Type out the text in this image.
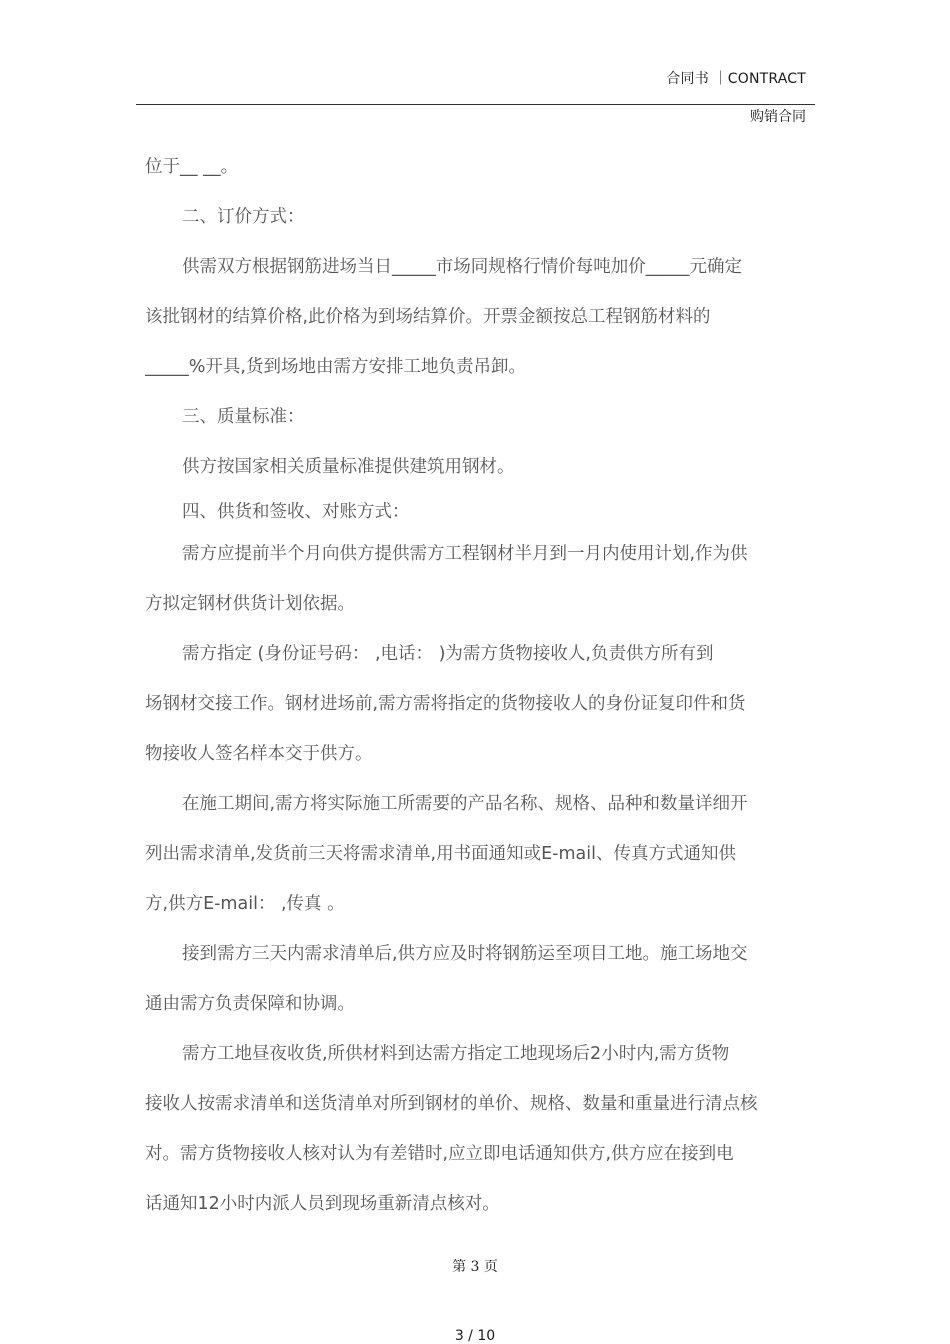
合同书 ｜CONTRACT
购销合同
位于__ __。
二、订价方式：
供需双方根据钢筋进场当日_____市场同规格行情价每吨加价_____元确定
该批钢材的结算价格,此价格为到场结算价。开票金额按总工程钢筋材料的
_____%开具,货到场地由需方安排工地负责吊卸。
三、质量标准：
供方按国家相关质量标准提供建筑用钢材。
四、供货和签收、对账方式：
需方应提前半个月向供方提供需方工程钢材半月到一月内使用计划,作为供
方拟定钢材供货计划依据。
需方指定 (身份证号码： ,电话： )为需方货物接收人,负责供方所有到
场钢材交接工作。钢材进场前,需方需将指定的货物接收人的身份证复印件和货
物接收人签名样本交于供方。
在施工期间,需方将实际施工所需要的产品名称、规格、品种和数量详细开
列出需求清单,发货前三天将需求清单,用书面通知或E-mail、传真方式通知供
方,供方E-mail： ,传真 。
接到需方三天内需求清单后,供方应及时将钢筋运至项目工地。施工场地交
通由需方负责保障和协调。
需方工地昼夜收货,所供材料到达需方指定工地现场后2小时内,需方货物
接收人按需求清单和送货清单对所到钢材的单价、规格、数量和重量进行清点核
对。需方货物接收人核对认为有差错时,应立即电话通知供方,供方应在接到电
话通知12小时内派人员到现场重新清点核对。
第 3 页
3 / 10
